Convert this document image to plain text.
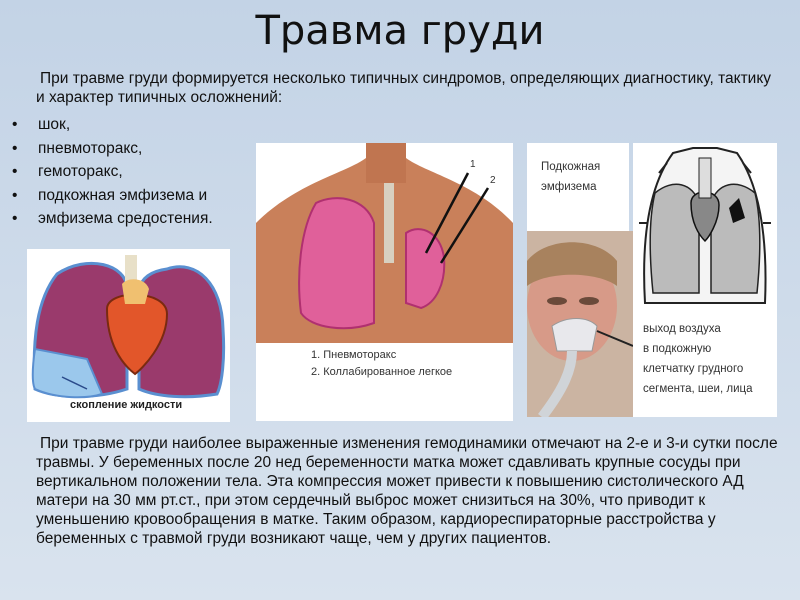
Травма груди

При травме груди формируется несколько типичных синдромов, определяющих диагностику, тактику и характер типичных осложнений:

• шок,
• пневмоторакс,
• гемоторакс,
• подкожная эмфизема и
• эмфизема средостения.
скопление жидкости
1
2
1. Пневмоторакс
2. Коллабированное легкое
Подкожная
эмфизема
выход воздуха
в подкожную
клетчатку грудного
сегмента, шеи, лица

При травме груди наиболее выраженные изменения гемодинамики отмечают на 2-е и 3-и сутки после травмы. У беременных после 20 нед беременности матка может сдавливать крупные сосуды при вертикальном положении тела. Эта компрессия может привести к повышению систолического АД матери на 30 мм рт.ст., при этом сердечный выброс может снизиться на 30%, что приводит к уменьшению кровообращения в матке. Таким образом, кардиореспираторные расстройства у беременных с травмой груди возникают чаще, чем у других пациентов.
